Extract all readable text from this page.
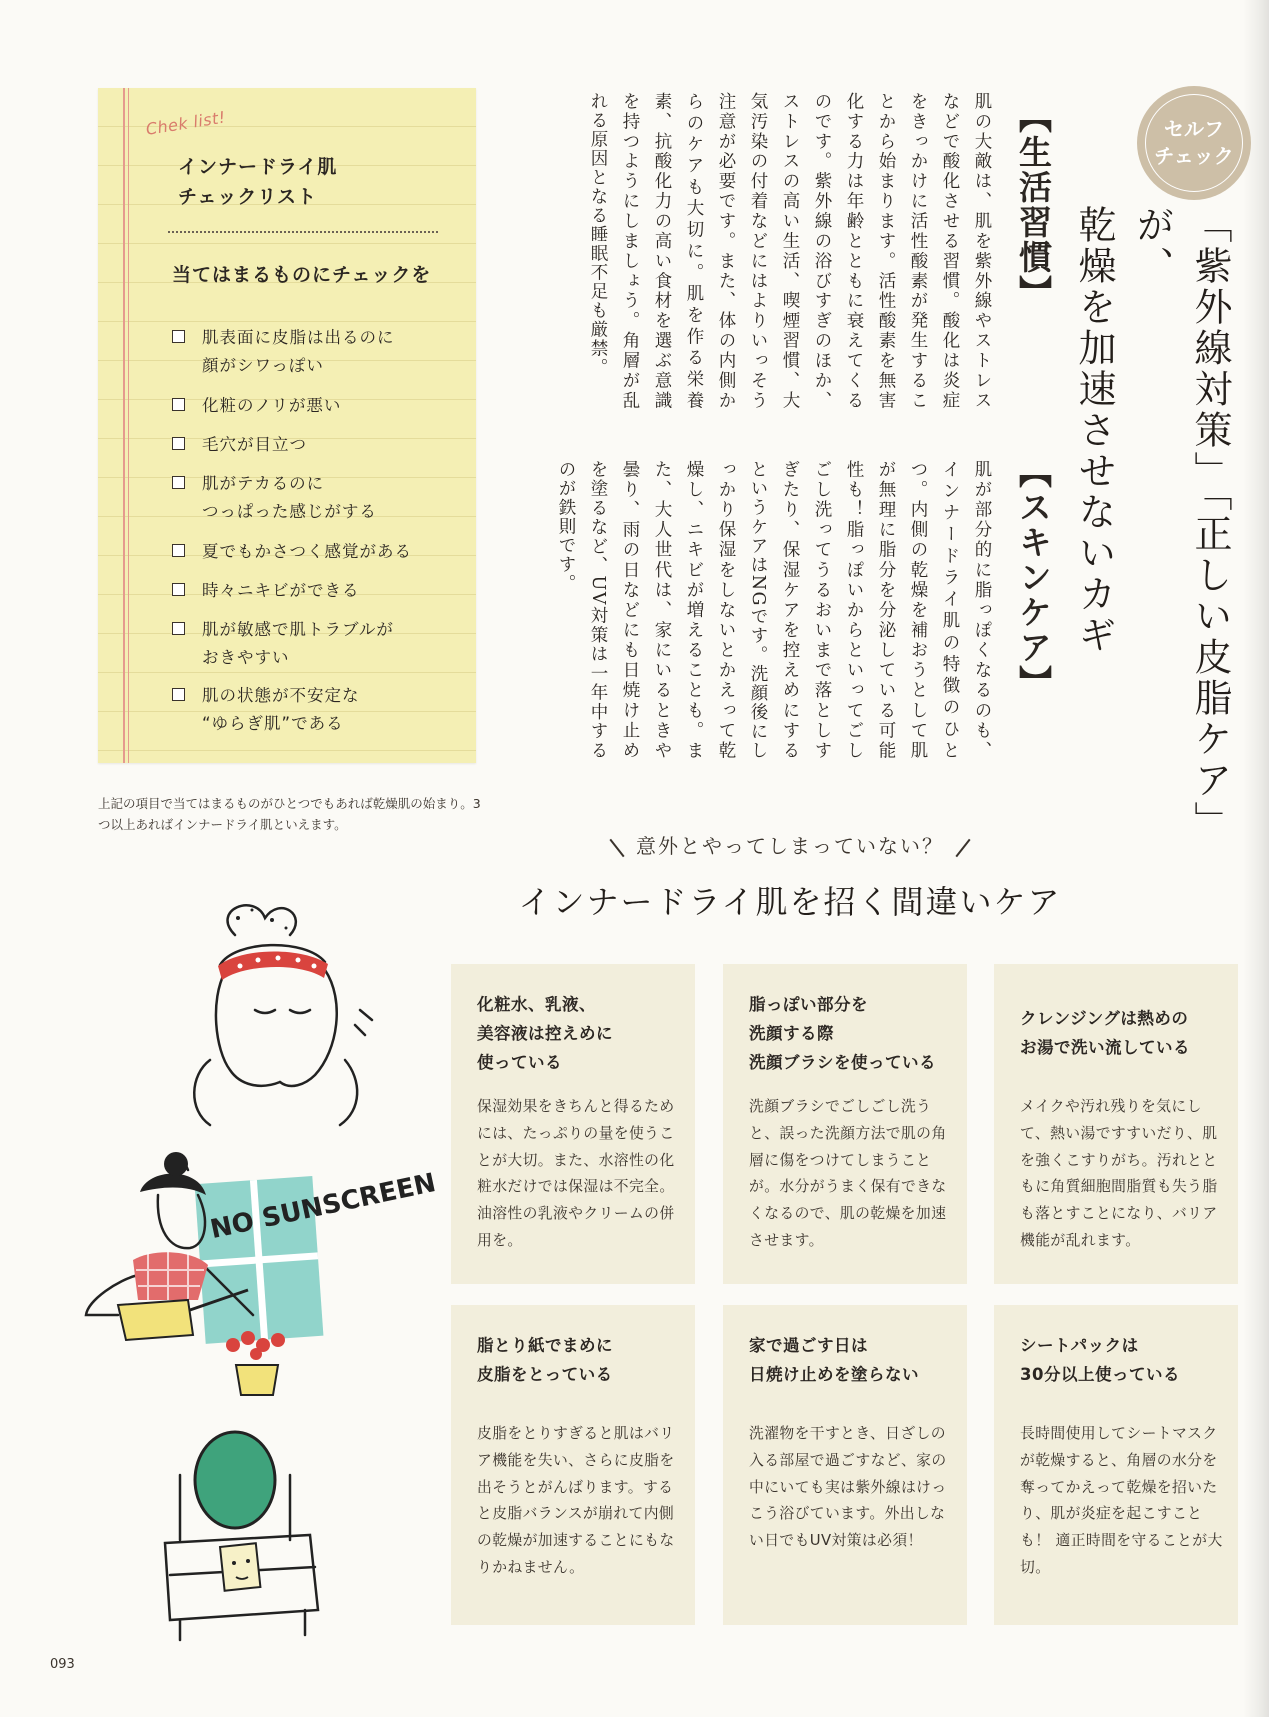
Chek list!
インナードライ肌
チェックリスト
当てはまるものにチェックを
肌表面に皮脂は出るのに
顔がシワっぽい
化粧のノリが悪い
毛穴が目立つ
肌がテカるのに
つっぱった感じがする
夏でもかさつく感覚がある
時々ニキビができる
肌が敏感で肌トラブルが
おきやすい
肌の状態が不安定な
“ゆらぎ肌”である
上記の項目で当てはまるものがひとつでもあれば乾燥肌の始まり。3つ以上あればインナードライ肌といえます。
セルフ
チェック
「紫外線対策」「正しい皮脂ケア」が、
乾燥を加速させないカギ
【生活習慣】
肌の大敵は、肌を紫外線やストレスなどで酸化させる習慣。酸化は炎症をきっかけに活性酸素が発生することから始まります。活性酸素を無害化する力は年齢とともに衰えてくるのです。紫外線の浴びすぎのほか、ストレスの高い生活、喫煙習慣、大気汚染の付着などにはよりいっそう注意が必要です。また、体の内側からのケアも大切に。肌を作る栄養素、抗酸化力の高い食材を選ぶ意識を持つようにしましょう。角層が乱れる原因となる睡眠不足も厳禁。
【スキンケア】
肌が部分的に脂っぽくなるのも、インナードライ肌の特徴のひとつ。内側の乾燥を補おうとして肌が無理に脂分を分泌している可能性も！脂っぽいからといってごしごし洗ってうるおいまで落としすぎたり、保湿ケアを控えめにするというケアはNGです。洗顔後にしっかり保湿をしないとかえって乾燥し、ニキビが増えることも。また、大人世代は、家にいるときや曇り、雨の日などにも日焼け止めを塗るなど、UV対策は一年中するのが鉄則です。
意外とやってしまっていない？
インナードライ肌を招く間違いケア
化粧水、乳液、
美容液は控えめに
使っている
保湿効果をきちんと得るためには、たっぷりの量を使うことが大切。また、水溶性の化粧水だけでは保湿は不完全。油溶性の乳液やクリームの併用を。
脂っぽい部分を
洗顔する際
洗顔ブラシを使っている
洗顔ブラシでごしごし洗うと、誤った洗顔方法で肌の角層に傷をつけてしまうことが。水分がうまく保有できなくなるので、肌の乾燥を加速させます。
クレンジングは熱めの
お湯で洗い流している
メイクや汚れ残りを気にして、熱い湯ですすいだり、肌を強くこすりがち。汚れとともに角質細胞間脂質も失う脂も落とすことになり、バリア機能が乱れます。
脂とり紙でまめに
皮脂をとっている
皮脂をとりすぎると肌はバリア機能を失い、さらに皮脂を出そうとがんばります。すると皮脂バランスが崩れて内側の乾燥が加速することにもなりかねません。
家で過ごす日は
日焼け止めを塗らない
洗濯物を干すとき、日ざしの入る部屋で過ごすなど、家の中にいても実は紫外線はけっこう浴びています。外出しない日でもUV対策は必須！
シートパックは
30分以上使っている
長時間使用してシートマスクが乾燥すると、角層の水分を奪ってかえって乾燥を招いたり、肌が炎症を起こすことも！ 適正時間を守ることが大切。
NO SUNSCREEN
093
